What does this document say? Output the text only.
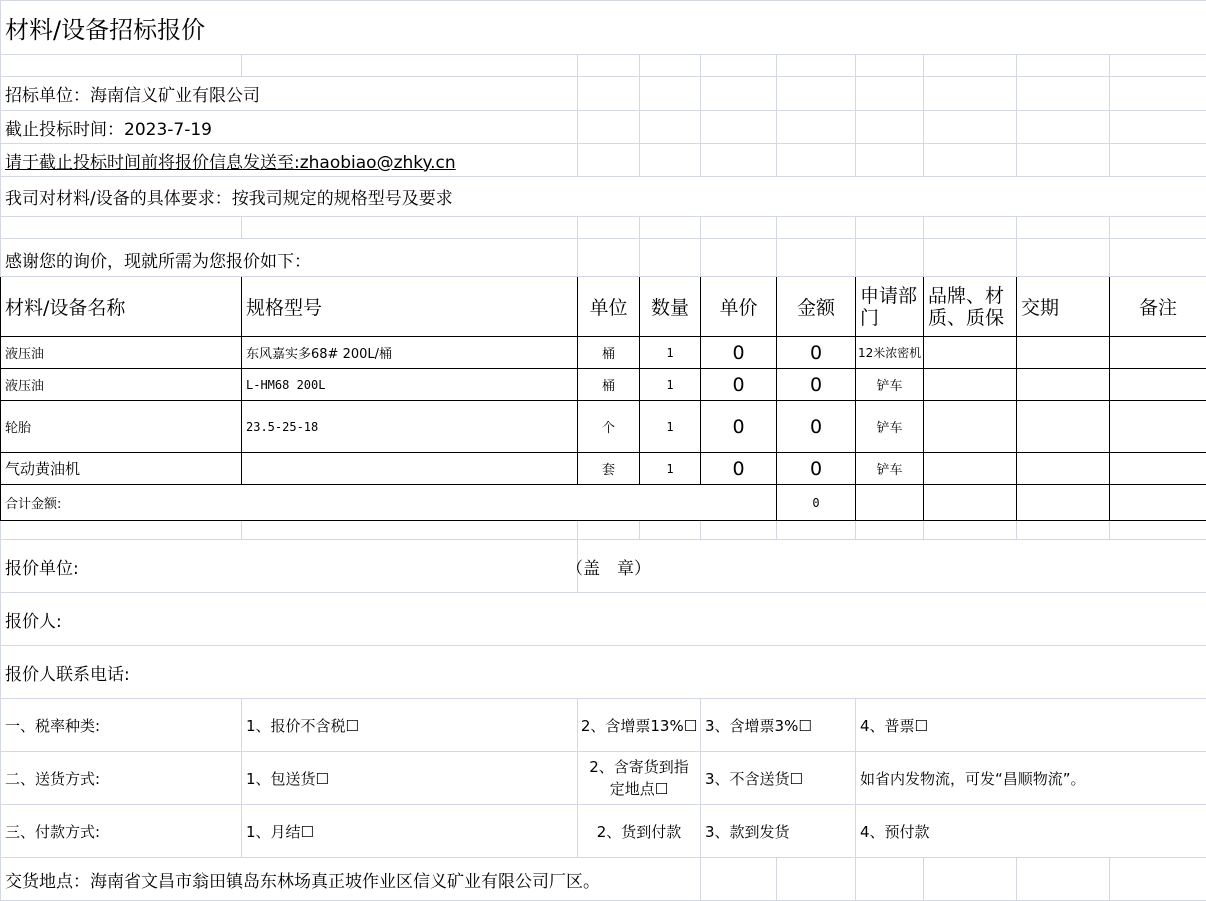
材料/设备招标报价									

招标单位：海南信义矿业有限公司									
截止投标时间：2023-7-19									
请于截止投标时间前将报价信息发送至:zhaobiao@zhky.cn									
我司对材料/设备的具体要求：按我司规定的规格型号及要求									

感谢您的询价，现就所需为您报价如下：									
材料/设备名称	规格型号	单位	数量	单价	金额	申请部门	品牌、材质、质保	交期	备注
液压油	东风嘉实多68# 200L/桶	桶	1	0	0	12米浓密机			
液压油	L-HM68 200L	桶	1	0	0	铲车			
轮胎	23.5-25-18	个	1	0	0	铲车			
气动黄油机		套	1	0	0	铲车			
合计金额:					0				

报价单位:		（盖　章）							
报价人:									
报价人联系电话:									
一、税率种类:	1、报价不含税☐	2、含增票13%☐		3、含增票3%☐		4、普票☐			
二、送货方式:	1、包送货☐	2、含寄货到指定地点☐		3、不含送货☐		如省内发物流，可发“昌顺物流”。			
三、付款方式:	1、月结☐	2、货到付款		3、款到发货		4、预付款			
交货地点：海南省文昌市翁田镇岛东林场真正坡作业区信义矿业有限公司厂区。									
